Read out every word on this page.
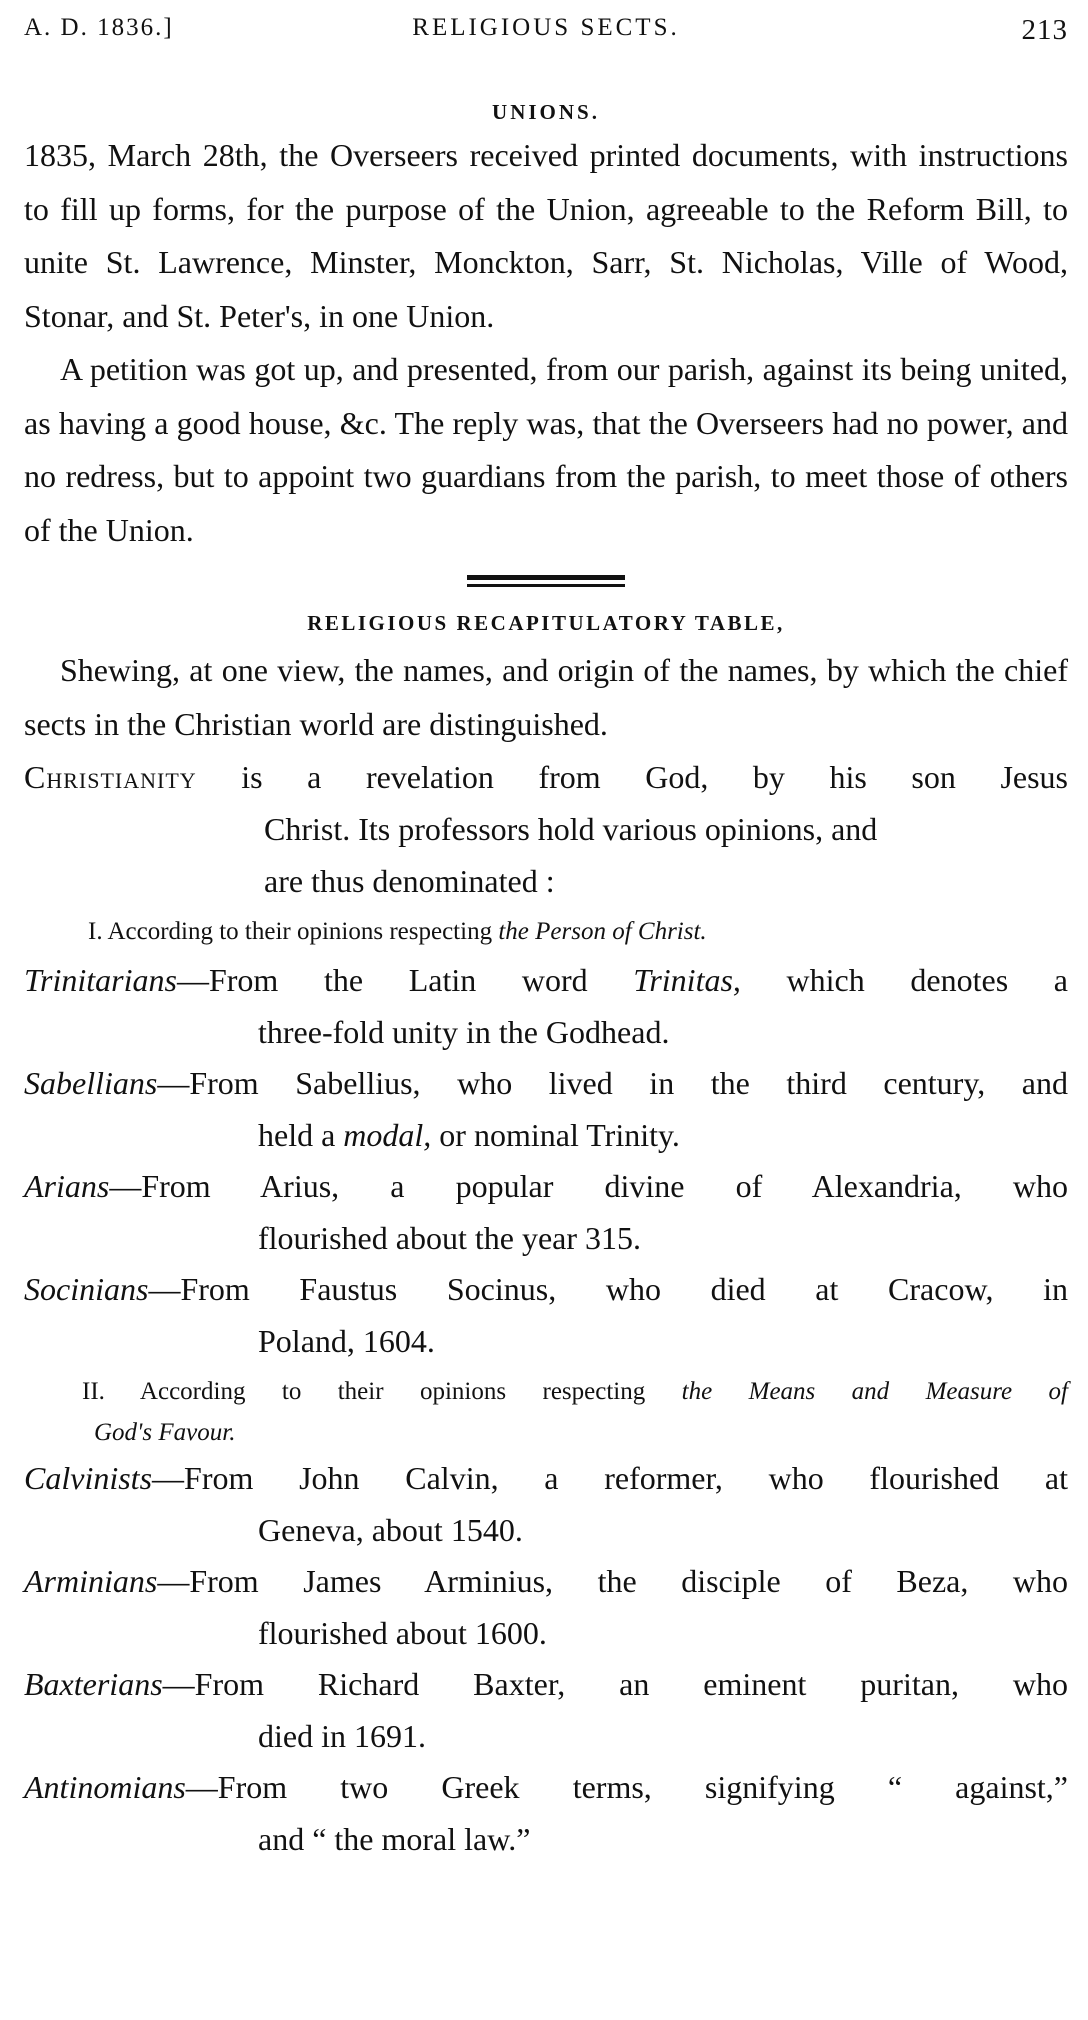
A. D. 1836.]	RELIGIOUS SECTS.	213
UNIONS.

1835, March 28th, the Overseers received printed documents, with instructions to fill up forms, for the purpose of the Union, agreeable to the Reform Bill, to unite St. Lawrence, Minster, Monckton, Sarr, St. Nicholas, Ville of Wood, Stonar, and St. Peter's, in one Union.

A petition was got up, and presented, from our parish, against its being united, as having a good house, &c. The reply was, that the Overseers had no power, and no redress, but to appoint two guardians from the parish, to meet those of others of the Union.

RELIGIOUS RECAPITULATORY TABLE,

Shewing, at one view, the names, and origin of the names, by which the chief sects in the Christian world are distinguished.

Christianity is a revelation from God, by his son Jesus
Christ. Its professors hold various opinions, and
are thus denominated :
I. According to their opinions respecting the Person of Christ.
Trinitarians—From the Latin word Trinitas, which denotes a
three-fold unity in the Godhead.
Sabellians—From Sabellius, who lived in the third century, and
held a modal, or nominal Trinity.
Arians—From Arius, a popular divine of Alexandria, who
flourished about the year 315.
Socinians—From Faustus Socinus, who died at Cracow, in
Poland, 1604.
II. According to their opinions respecting the Means and Measure of
God's Favour.
Calvinists—From John Calvin, a reformer, who flourished at
Geneva, about 1540.
Arminians—From James Arminius, the disciple of Beza, who
flourished about 1600.
Baxterians—From Richard Baxter, an eminent puritan, who
died in 1691.
Antinomians—From two Greek terms, signifying “ against,”
and “ the moral law.”
